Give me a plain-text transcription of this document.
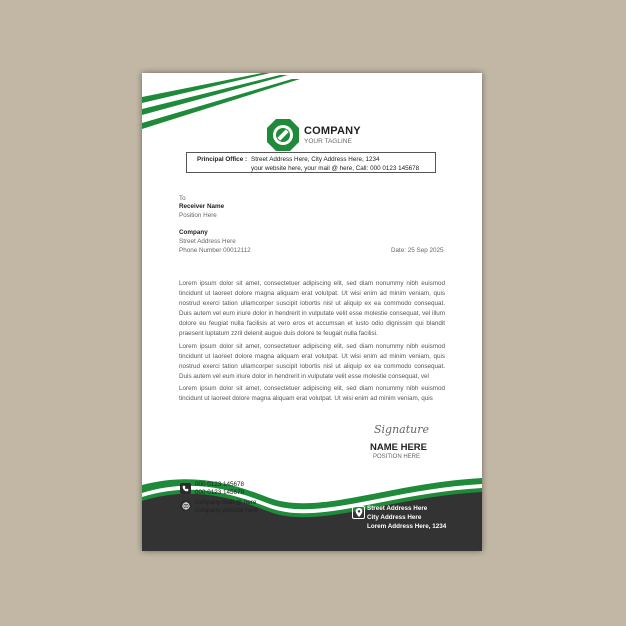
COMPANY
YOUR TAGLINE
Principal Office : Street Address Here, City Address Here, 1234
your website here, your mail @ here, Call: 000 0123 145678
To
Receiver Name
Position Here
Company
Street Address Here
Phone Number 00012112	Date: 25 Sep 2025
Lorem ipsum dolor sit amet, consectetuer adipiscing elit, sed diam nonummy nibh euismod tincidunt ut laoreet dolore magna aliquam erat volutpat. Ut wisi enim ad minim veniam, quis nostrud exerci tation ullamcorper suscipit lobortis nisl ut aliquip ex ea commodo consequat. Duis autem vel eum iriure dolor in hendrerit in vulputate velit esse molestie consequat, vel illum dolore eu feugiat nulla facilisis at vero eros et accumsan et iusto odio dignissim qui blandit praesent luptatum zzril delenit augue duis dolore te feugait nulla facilisi.
Lorem ipsum dolor sit amet, consectetuer adipiscing elit, sed diam nonummy nibh euismod tincidunt ut laoreet dolore magna aliquam erat volutpat. Ut wisi enim ad minim veniam, quis nostrud exerci tation ullamcorper suscipit lobortis nisl ut aliquip ex ea commodo consequat. Duis autem vel eum iriure dolor in hendrerit in vulputate velit esse molestie consequat, vel
Lorem ipsum dolor sit amet, consectetuer adipiscing elit, sed diam nonummy nibh euismod tincidunt ut laoreet dolore magna aliquam erat volutpat. Ut wisi enim ad minim veniam, quis
Signature
NAME HERE
POSITION HERE
000 0123 145678
000 0123 145679
company mail @ here
company website here	Street Address Here
City Address Here
Lorem Address Here, 1234
